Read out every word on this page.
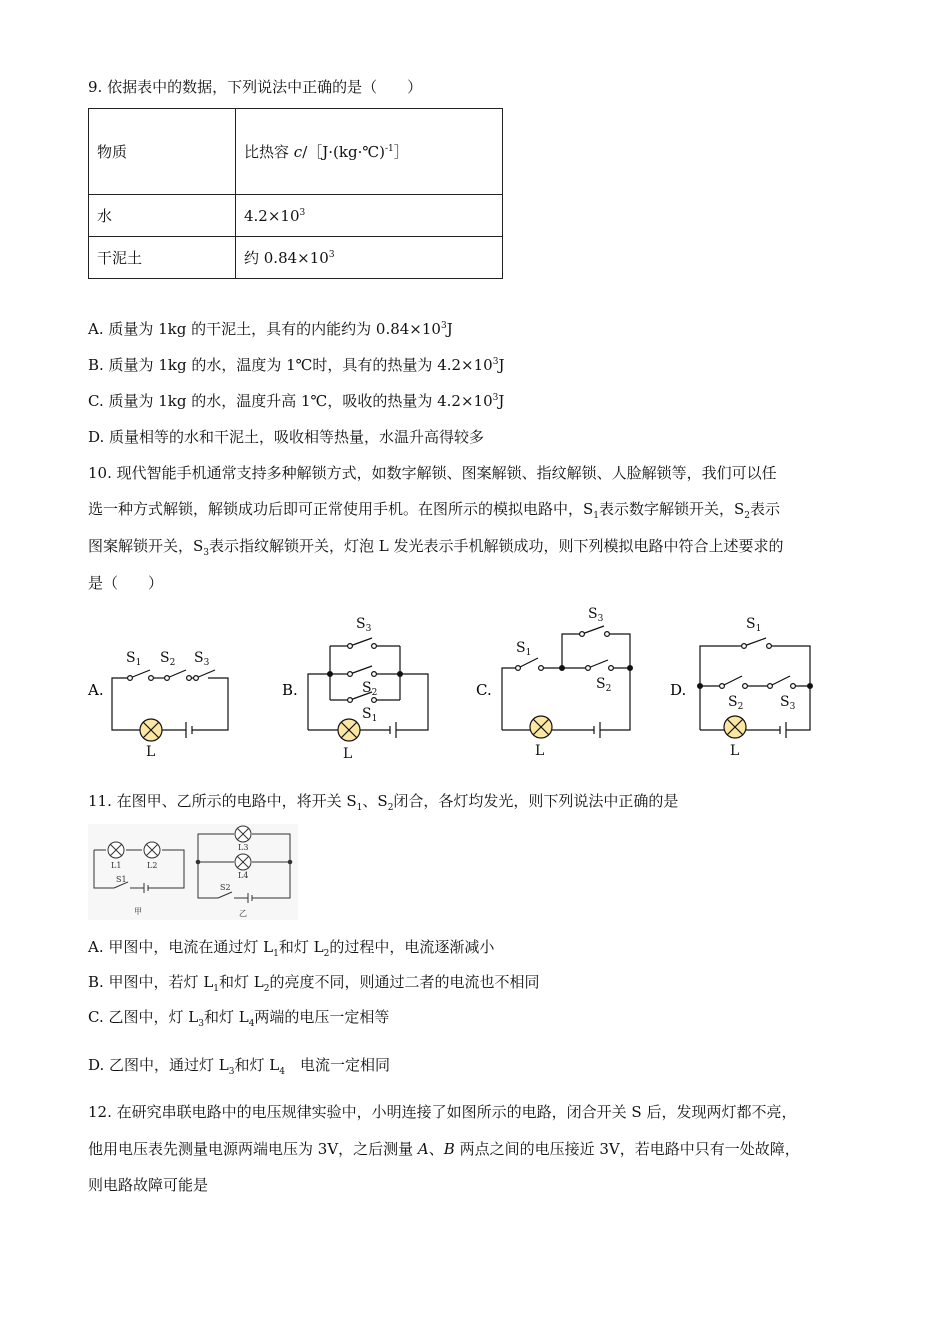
9. 依据表中的数据，下列说法中正确的是（　　）
物质	比热容 c/［J·(kg·℃)$^{-1}$］
水	$4.2\times 10^3$
干泥土	约 $0.84\times 10^3$
A. 质量为 1kg 的干泥土，具有的内能约为 $0.84\times 10^3J$
B. 质量为 1kg 的水，温度为 1℃时，具有的热量为 $4.2\times 10^3J$
C. 质量为 1kg 的水，温度升高 1℃，吸收的热量为 $4.2\times 10^3J$
D. 质量相等的水和干泥土，吸收相等热量，水温升高得较多
10. 现代智能手机通常支持多种解锁方式，如数字解锁、图案解锁、指纹解锁、人脸解锁等，我们可以任
选一种方式解锁，解锁成功后即可正常使用手机。在图所示的模拟电路中，$S_1$表示数字解锁开关，$S_2$表示
图案解锁开关，$S_3$表示指纹解锁开关，灯泡 L 发光表示手机解锁成功，则下列模拟电路中符合上述要求的
是（　　）
A.	B.	C.	D.
$S_1$ $S_2$ $S_3$
L
$S_3$
$S_2$
$S_1$
L
$S_1$
$S_3$
$S_2$
L
$S_1$
$S_2$	$S_3$
L
11. 在图甲、乙所示的电路中，将开关 $S_1$、$S_2$闭合，各灯均发光，则下列说法中正确的是
L1	L2
S1
L3
L4
S2
甲	乙
A. 甲图中，电流在通过灯 $L_1$和灯 $L_2$的过程中，电流逐渐减小
B. 甲图中，若灯 $L_1$和灯 $L_2$的亮度不同，则通过二者的电流也不相同
C. 乙图中，灯 $L_3$和灯 $L_4$两端的电压一定相等
D. 乙图中，通过灯 $L_3$和灯 $L_4$　电流一定相同
12. 在研究串联电路中的电压规律实验中，小明连接了如图所示的电路，闭合开关 S 后，发现两灯都不亮，
他用电压表先测量电源两端电压为 3V，之后测量 A、B 两点之间的电压接近 3V，若电路中只有一处故障，
则电路故障可能是
